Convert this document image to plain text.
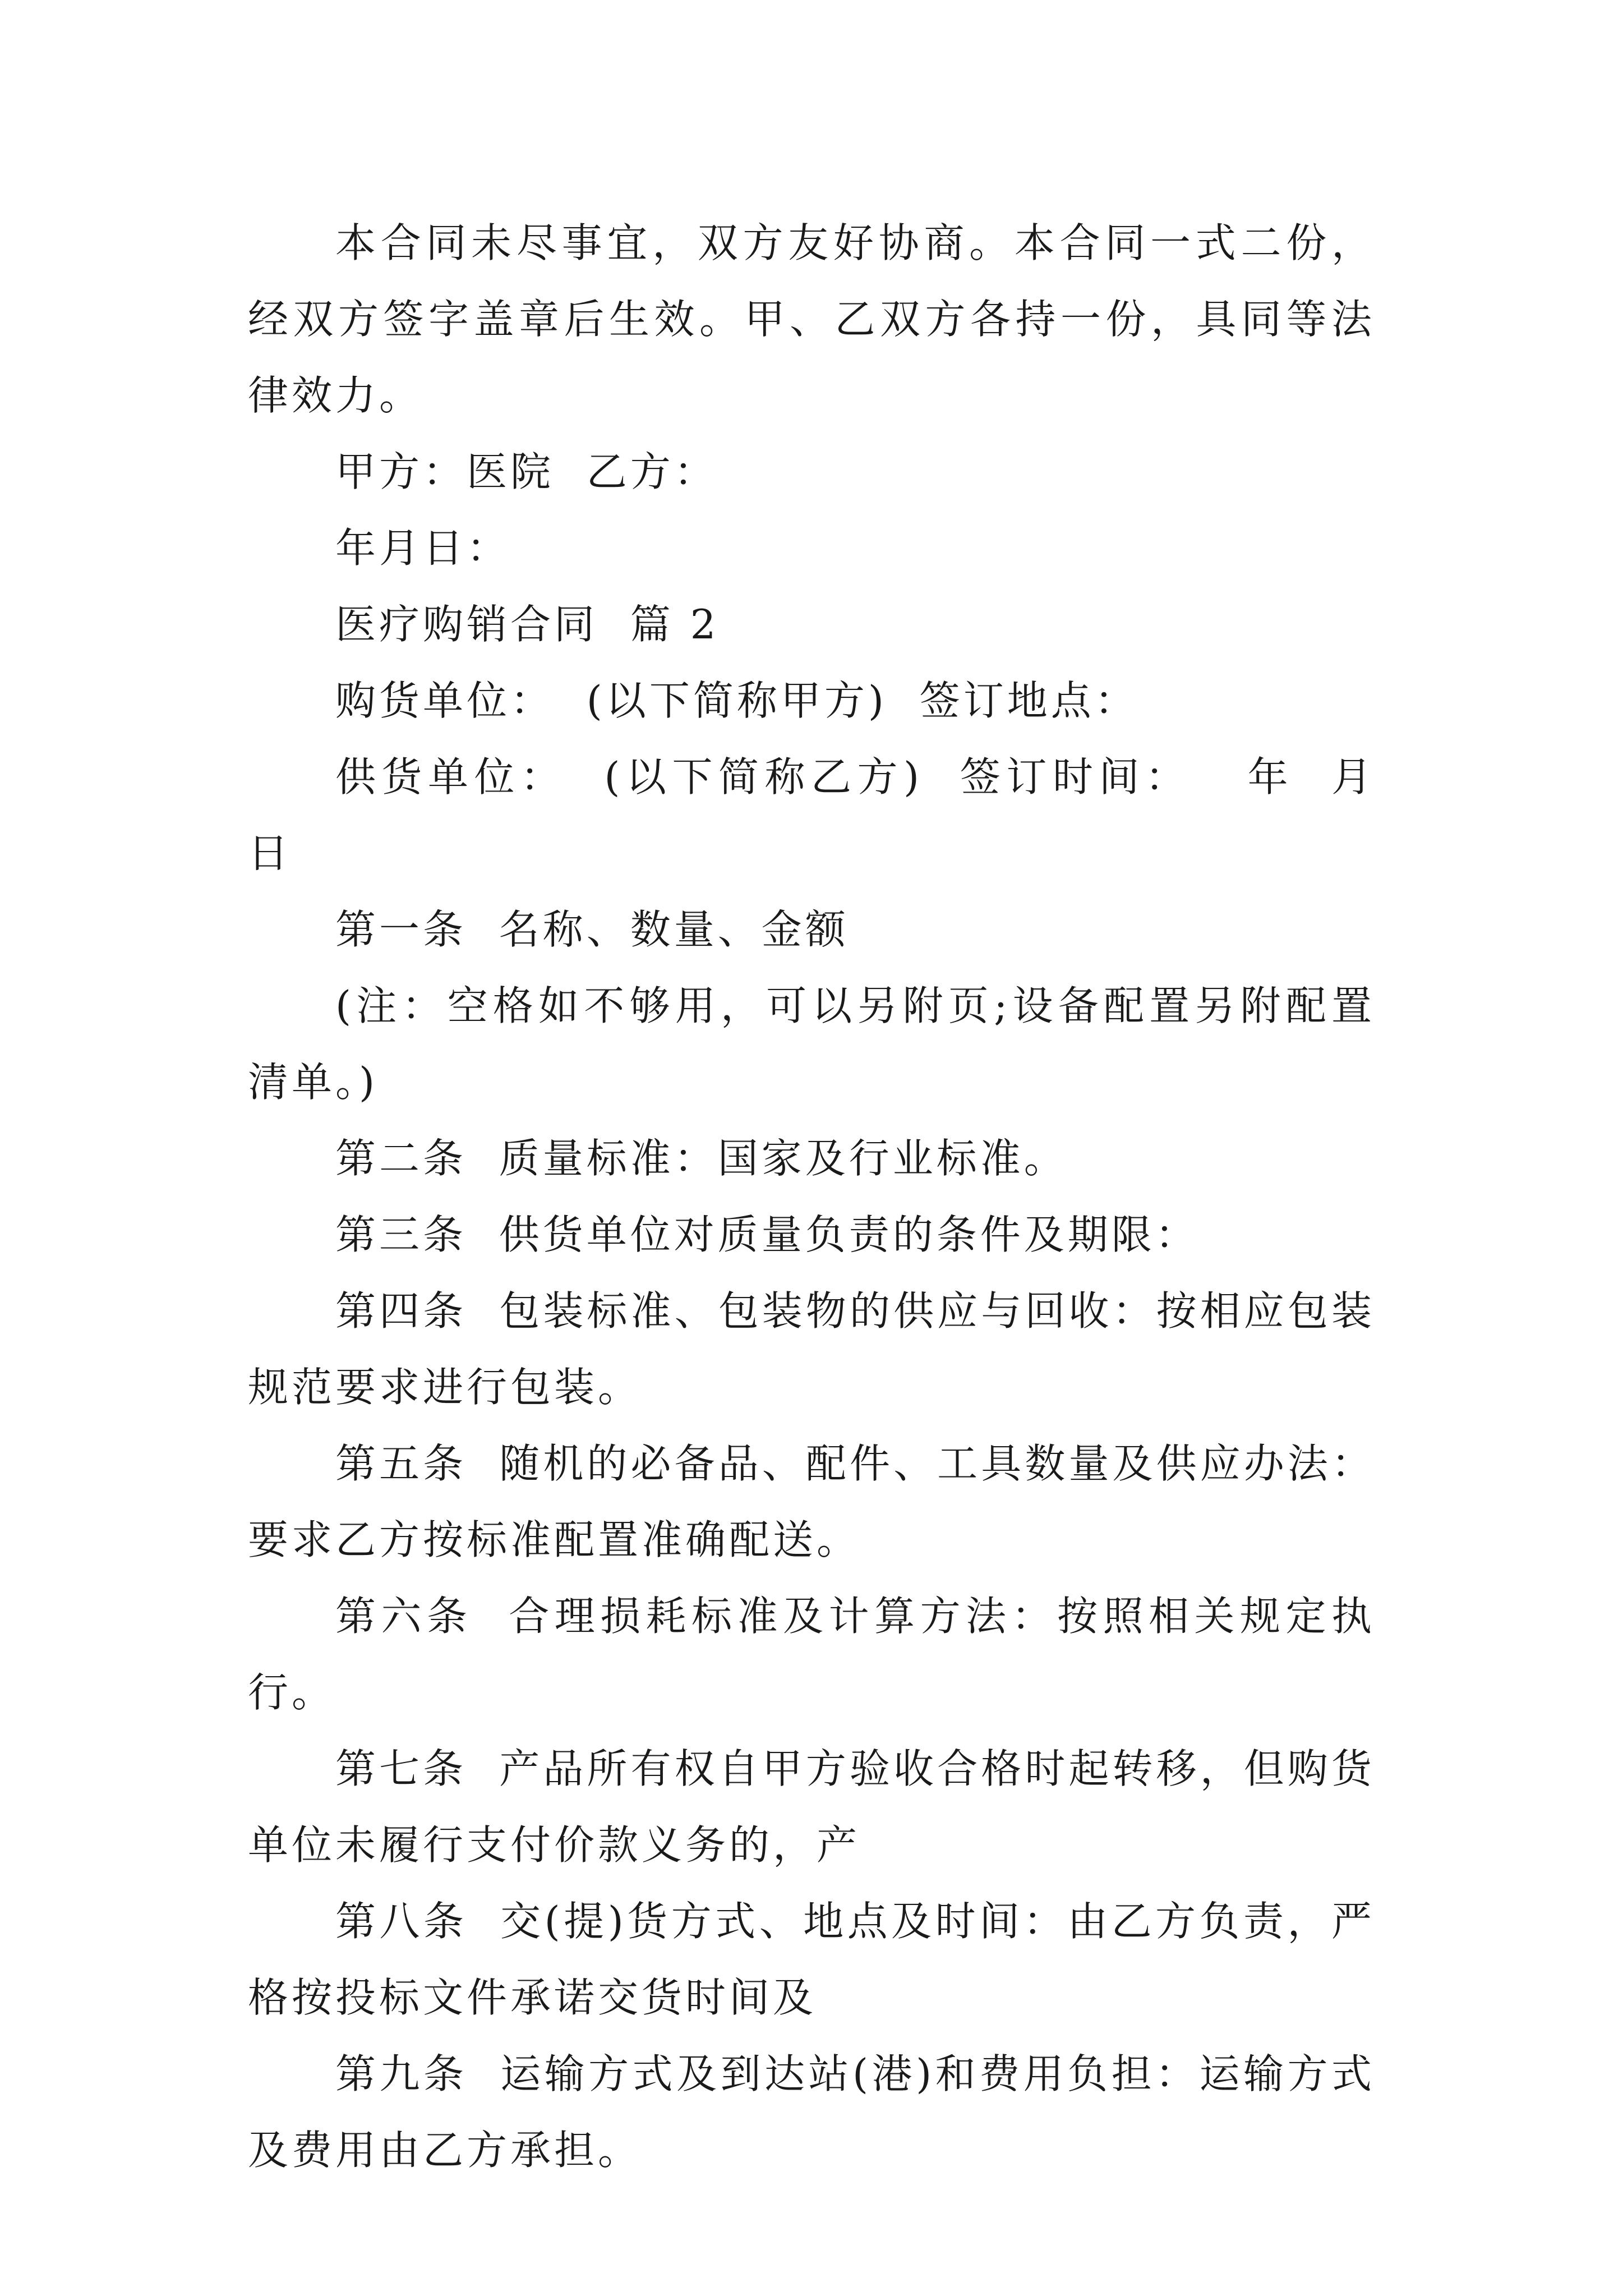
本合同未尽事宜，双方友好协商。本合同一式二份，经双方签字盖章后生效。甲、乙双方各持一份，具同等法律效力。

甲方：医院  乙方：

年月日：

医疗购销合同  篇 2

购货单位：  (以下简称甲方)  签订地点：

供货单位：  (以下简称乙方)  签订时间：   年  月  日

第一条  名称、数量、金额

(注：空格如不够用，可以另附页;设备配置另附配置清单。)

第二条  质量标准：国家及行业标准。

第三条  供货单位对质量负责的条件及期限：

第四条  包装标准、包装物的供应与回收：按相应包装规范要求进行包装。

第五条  随机的必备品、配件、工具数量及供应办法：要求乙方按标准配置准确配送。

第六条  合理损耗标准及计算方法：按照相关规定执行。

第七条  产品所有权自甲方验收合格时起转移，但购货单位未履行支付价款义务的，产

第八条  交(提)货方式、地点及时间：由乙方负责，严格按投标文件承诺交货时间及

第九条  运输方式及到达站(港)和费用负担：运输方式及费用由乙方承担。
